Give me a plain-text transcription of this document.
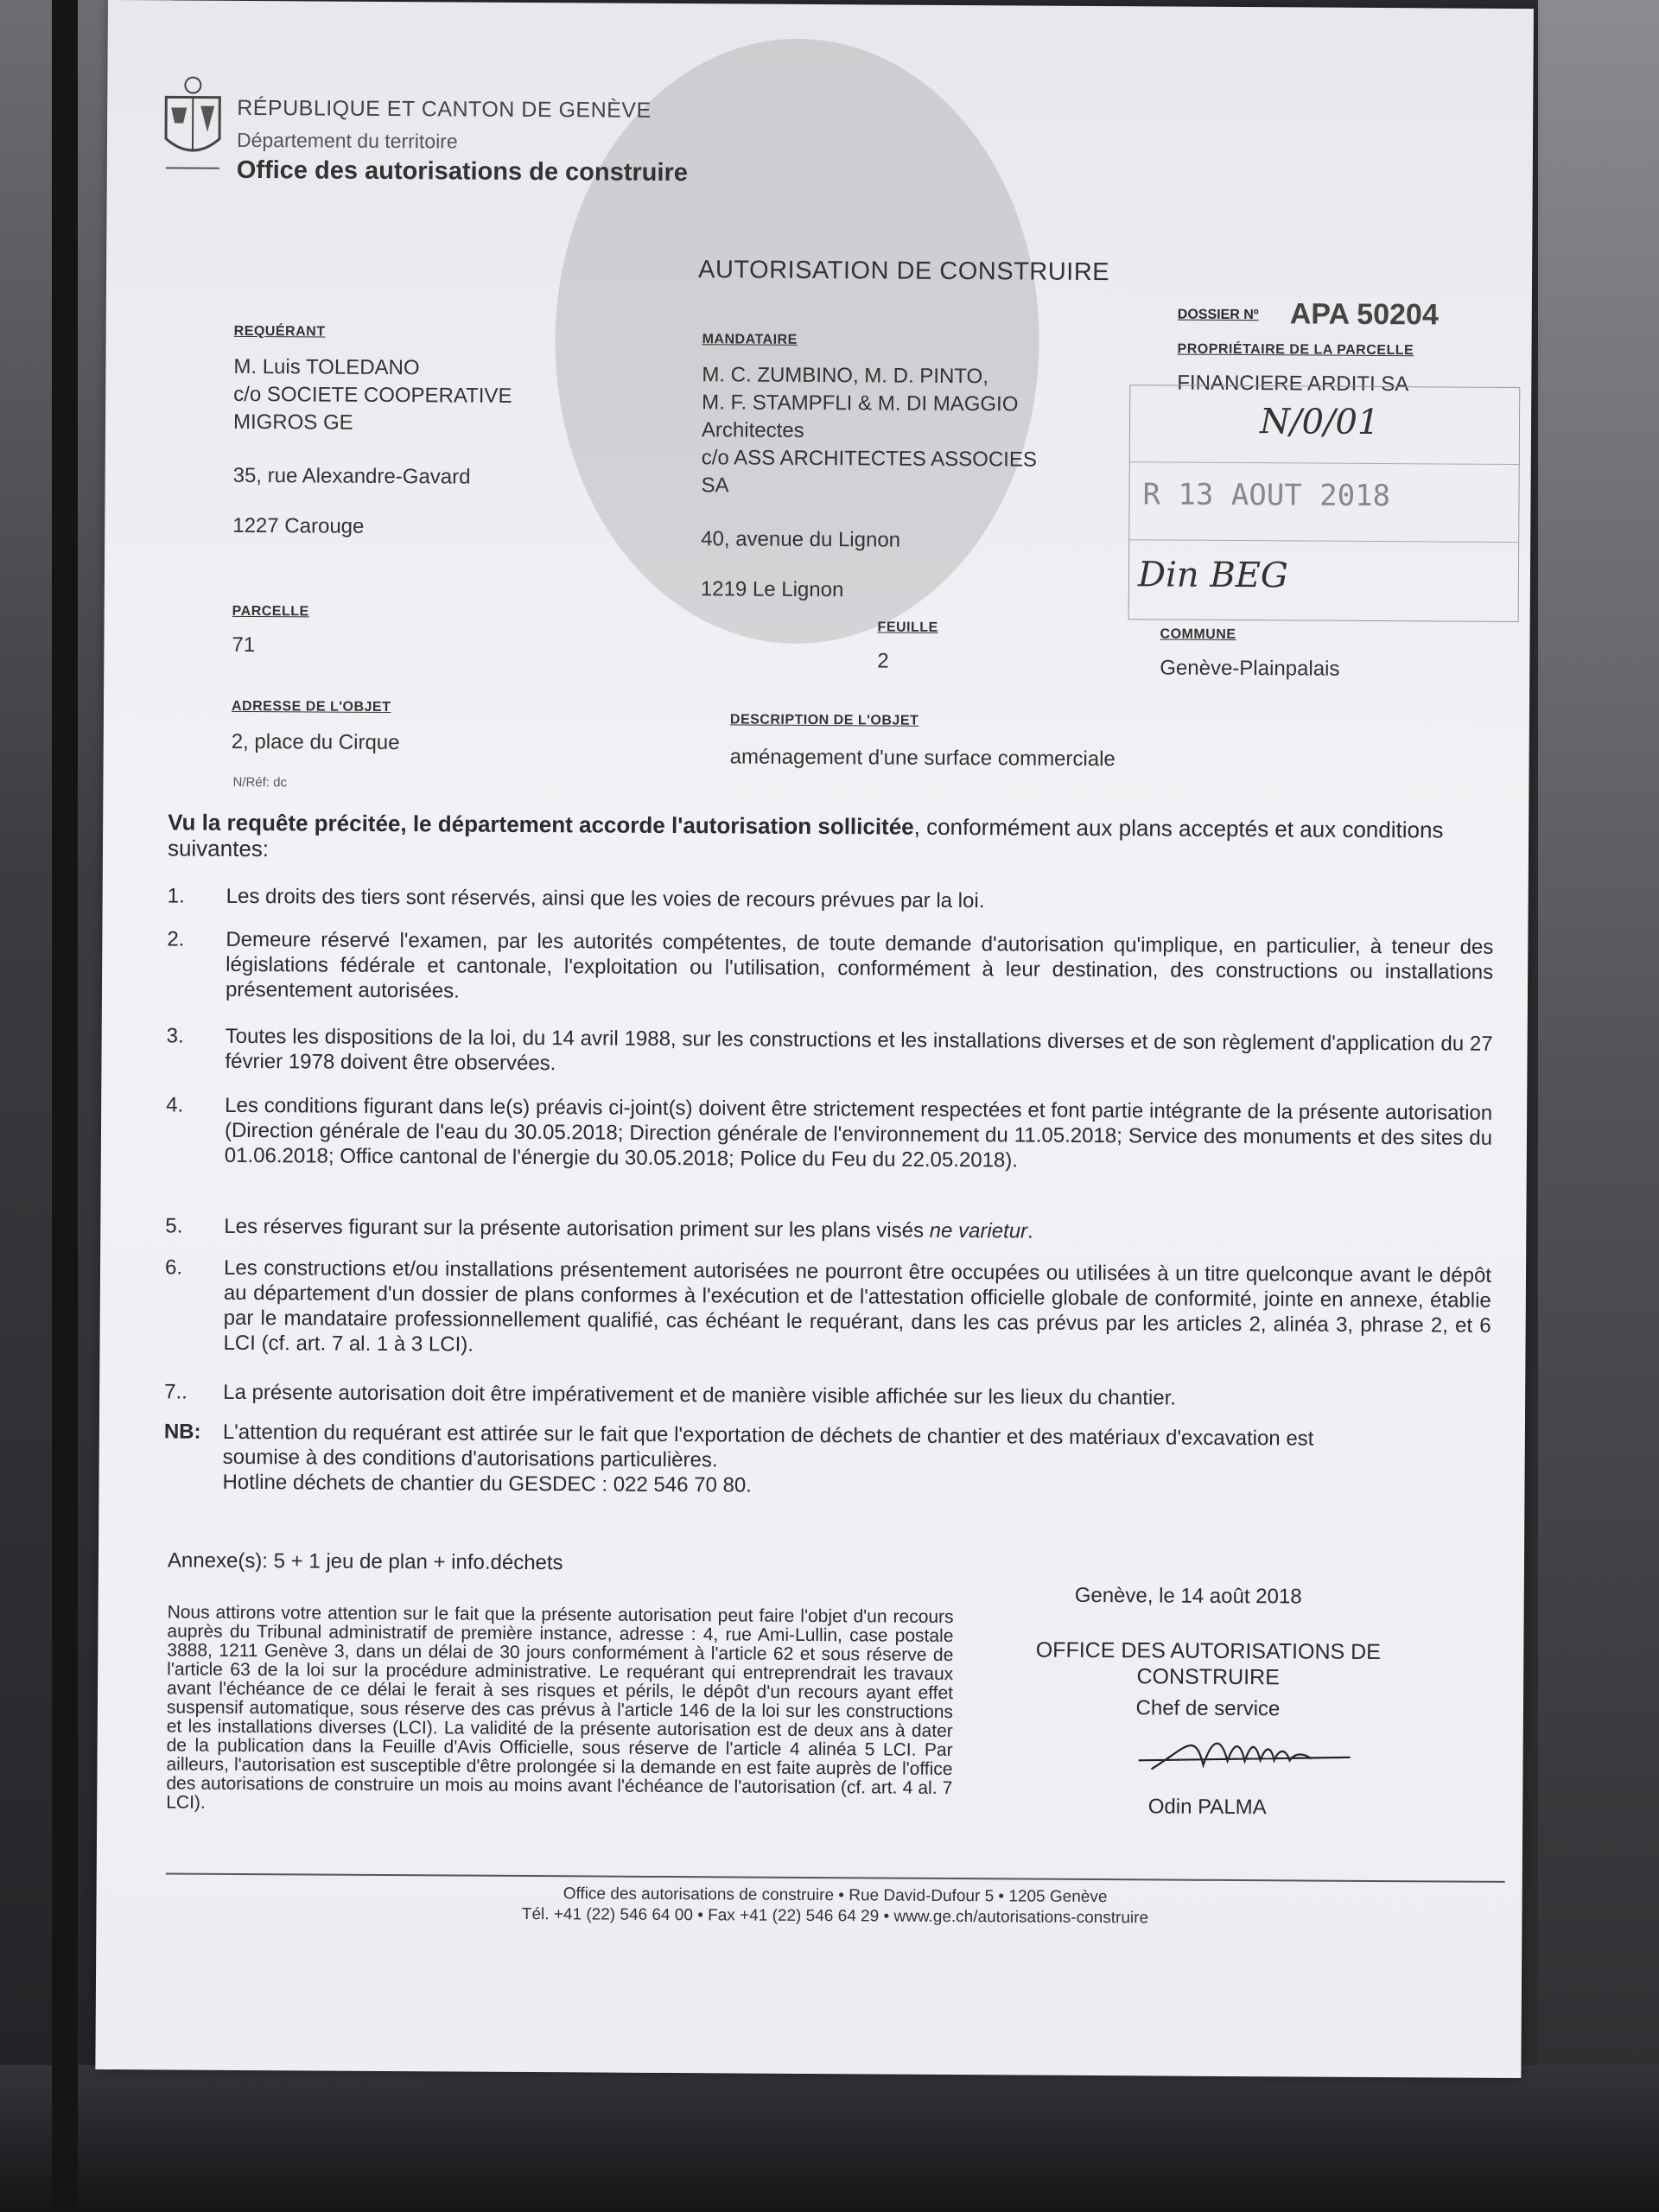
RÉPUBLIQUE ET CANTON DE GENÈVE
Département du territoire
Office des autorisations de construire
AUTORISATION DE CONSTRUIRE
DOSSIER Nº APA 50204
REQUÉRANT
M. Luis TOLEDANO
c/o SOCIETE COOPERATIVE
MIGROS GE
35, rue Alexandre-Gavard
1227 Carouge
MANDATAIRE
M. C. ZUMBINO, M. D. PINTO,
M. F. STAMPFLI & M. DI MAGGIO
Architectes
c/o ASS ARCHITECTES ASSOCIES
SA
40, avenue du Lignon
1219 Le Lignon
PROPRIÉTAIRE DE LA PARCELLE
FINANCIERE ARDITI SA
N/0/01
R 13 AOUT 2018
Din BEG
PARCELLE
71
FEUILLE
2
COMMUNE
Genève-Plainpalais
ADRESSE DE L'OBJET
2, place du Cirque
DESCRIPTION DE L'OBJET
aménagement d'une surface commerciale
N/Réf: dc
Vu la requête précitée, le département accorde l'autorisation sollicitée, conformément aux plans acceptés et aux conditions suivantes:
1.	Les droits des tiers sont réservés, ainsi que les voies de recours prévues par la loi.
2.	Demeure réservé l'examen, par les autorités compétentes, de toute demande d'autorisation qu'implique, en particulier, à teneur des législations fédérale et cantonale, l'exploitation ou l'utilisation, conformément à leur destination, des constructions ou installations présentement autorisées.
3.	Toutes les dispositions de la loi, du 14 avril 1988, sur les constructions et les installations diverses et de son règlement d'application du 27 février 1978 doivent être observées.
4.	Les conditions figurant dans le(s) préavis ci-joint(s) doivent être strictement respectées et font partie intégrante de la présente autorisation (Direction générale de l'eau du 30.05.2018; Direction générale de l'environnement du 11.05.2018; Service des monuments et des sites du 01.06.2018; Office cantonal de l'énergie du 30.05.2018; Police du Feu du 22.05.2018).
5.	Les réserves figurant sur la présente autorisation priment sur les plans visés ne varietur.
6.	Les constructions et/ou installations présentement autorisées ne pourront être occupées ou utilisées à un titre quelconque avant le dépôt au département d'un dossier de plans conformes à l'exécution et de l'attestation officielle globale de conformité, jointe en annexe, établie par le mandataire professionnellement qualifié, cas échéant le requérant, dans les cas prévus par les articles 2, alinéa 3, phrase 2, et 6 LCI (cf. art. 7 al. 1 à 3 LCI).
7..	La présente autorisation doit être impérativement et de manière visible affichée sur les lieux du chantier.
NB:	L'attention du requérant est attirée sur le fait que l'exportation de déchets de chantier et des matériaux d'excavation est soumise à des conditions d'autorisations particulières.
Hotline déchets de chantier du GESDEC : 022 546 70 80.
Annexe(s): 5 + 1 jeu de plan + info.déchets
Nous attirons votre attention sur le fait que la présente autorisation peut faire l'objet d'un recours auprès du Tribunal administratif de première instance, adresse : 4, rue Ami-Lullin, case postale 3888, 1211 Genève 3, dans un délai de 30 jours conformément à l'article 62 et sous réserve de l'article 63 de la loi sur la procédure administrative. Le requérant qui entreprendrait les travaux avant l'échéance de ce délai le ferait à ses risques et périls, le dépôt d'un recours ayant effet suspensif automatique, sous réserve des cas prévus à l'article 146 de la loi sur les constructions et les installations diverses (LCI). La validité de la présente autorisation est de deux ans à dater de la publication dans la Feuille d'Avis Officielle, sous réserve de l'article 4 alinéa 5 LCI. Par ailleurs, l'autorisation est susceptible d'être prolongée si la demande en est faite auprès de l'office des autorisations de construire un mois au moins avant l'échéance de l'autorisation (cf. art. 4 al. 7 LCI).
Genève, le 14 août 2018
OFFICE DES AUTORISATIONS DE CONSTRUIRE
Chef de service
Odin PALMA
Office des autorisations de construire • Rue David-Dufour 5 • 1205 Genève
Tél. +41 (22) 546 64 00 • Fax +41 (22) 546 64 29 • www.ge.ch/autorisations-construire
